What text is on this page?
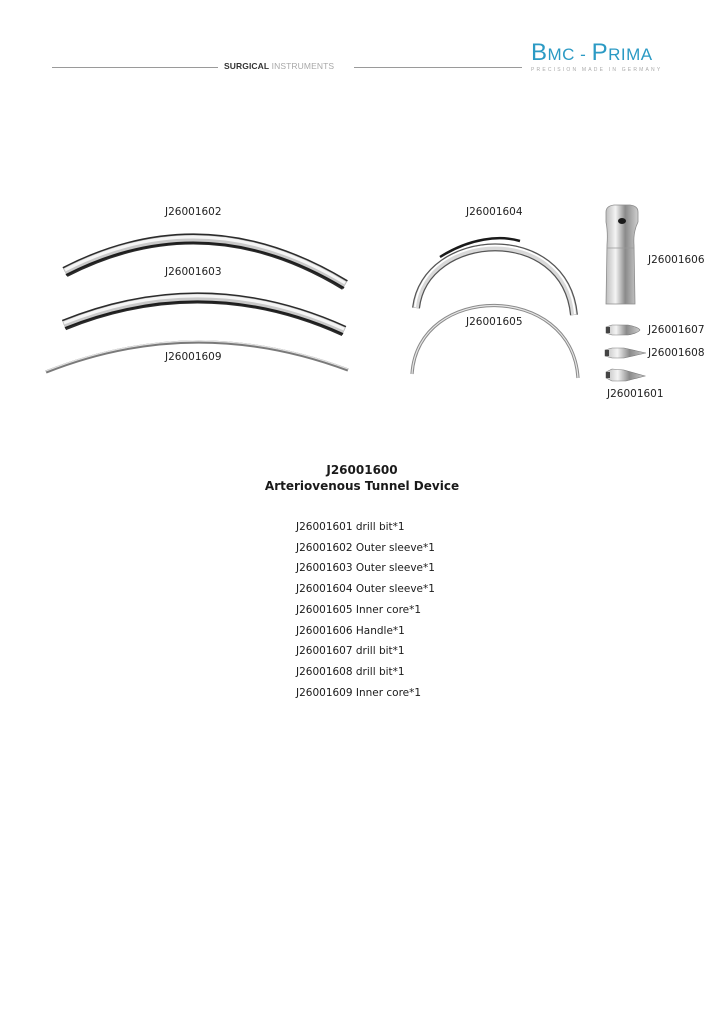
SURGICAL INSTRUMENTS	BMC - PRIMA
PRECISION MADE IN GERMANY
J26001602
J26001603
J26001609
J26001604
J26001605
J26001606
J26001607
J26001608
J26001601
J26001600
Arteriovenous Tunnel Device
J26001601 drill bit*1
J26001602 Outer sleeve*1
J26001603 Outer sleeve*1
J26001604 Outer sleeve*1
J26001605 Inner core*1
J26001606 Handle*1
J26001607 drill bit*1
J26001608 drill bit*1
J26001609 Inner core*1
